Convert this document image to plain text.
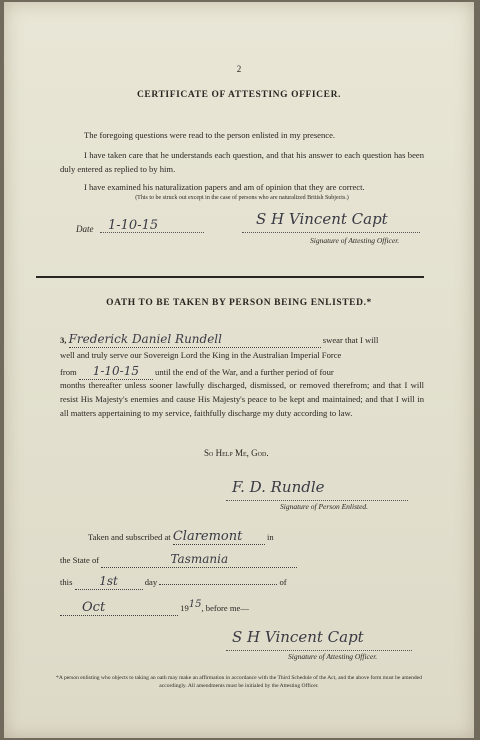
2
CERTIFICATE OF ATTESTING OFFICER.
The foregoing questions were read to the person enlisted in my presence.
I have taken care that he understands each question, and that his answer to each question has been duly entered as replied to by him.
I have examined his naturalization papers and am of opinion that they are correct.
(This to be struck out except in the case of persons who are naturalized British Subjects.)
Date	1-10-15	S H Vincent Capt
Signature of Attesting Officer.
OATH TO BE TAKEN BY PERSON BEING ENLISTED.*
3, Frederick Daniel Rundell	swear that I will
well and truly serve our Sovereign Lord the King in the Australian Imperial Force
from 1-10-15 until the end of the War, and a further period of four
months thereafter unless sooner lawfully discharged, dismissed, or removed therefrom; and that I will resist His Majesty's enemies and cause His Majesty's peace to be kept and maintained; and that I will in all matters appertaining to my service, faithfully discharge my duty according to law.
So Help Me, God.
F. D. Rundle
Signature of Person Enlisted.
Taken and subscribed at Claremont	in
the State of	Tasmania
this 1st	day	of
Oct	1915, before me—
S H Vincent Capt
Signature of Attesting Officer.
*A person enlisting who objects to taking an oath may make an affirmation in accordance with the Third Schedule of the Act, and the above form must be amended accordingly. All amendments must be initialed by the Attesting Officer.
